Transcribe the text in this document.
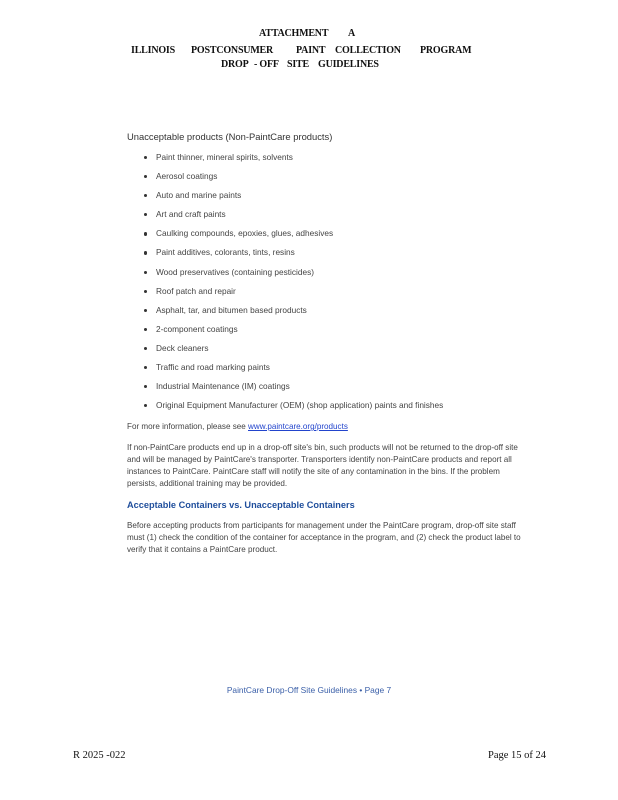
ATTACHMENT A
ILLINOIS POSTCONSUMER PAINT COLLECTION PROGRAM
DROP - OFF SITE GUIDELINES
Unacceptable products (Non-PaintCare products)
Paint thinner, mineral spirits, solvents
Aerosol coatings
Auto and marine paints
Art and craft paints
Caulking compounds, epoxies, glues, adhesives
Paint additives, colorants, tints, resins
Wood preservatives (containing pesticides)
Roof patch and repair
Asphalt, tar, and bitumen based products
2-component coatings
Deck cleaners
Traffic and road marking paints
Industrial Maintenance (IM) coatings
Original Equipment Manufacturer (OEM) (shop application) paints and finishes
For more information, please see www.paintcare.org/products
If non-PaintCare products end up in a drop-off site's bin, such products will not be returned to the drop-off site and will be managed by PaintCare's transporter. Transporters identify non-PaintCare products and report all instances to PaintCare. PaintCare staff will notify the site of any contamination in the bins. If the problem persists, additional training may be provided.
Acceptable Containers vs. Unacceptable Containers
Before accepting products from participants for management under the PaintCare program, drop-off site staff must (1) check the condition of the container for acceptance in the program, and (2) check the product label to verify that it contains a PaintCare product.
PaintCare Drop-Off Site Guidelines • Page 7
R 2025 -022	Page 15 of 24
